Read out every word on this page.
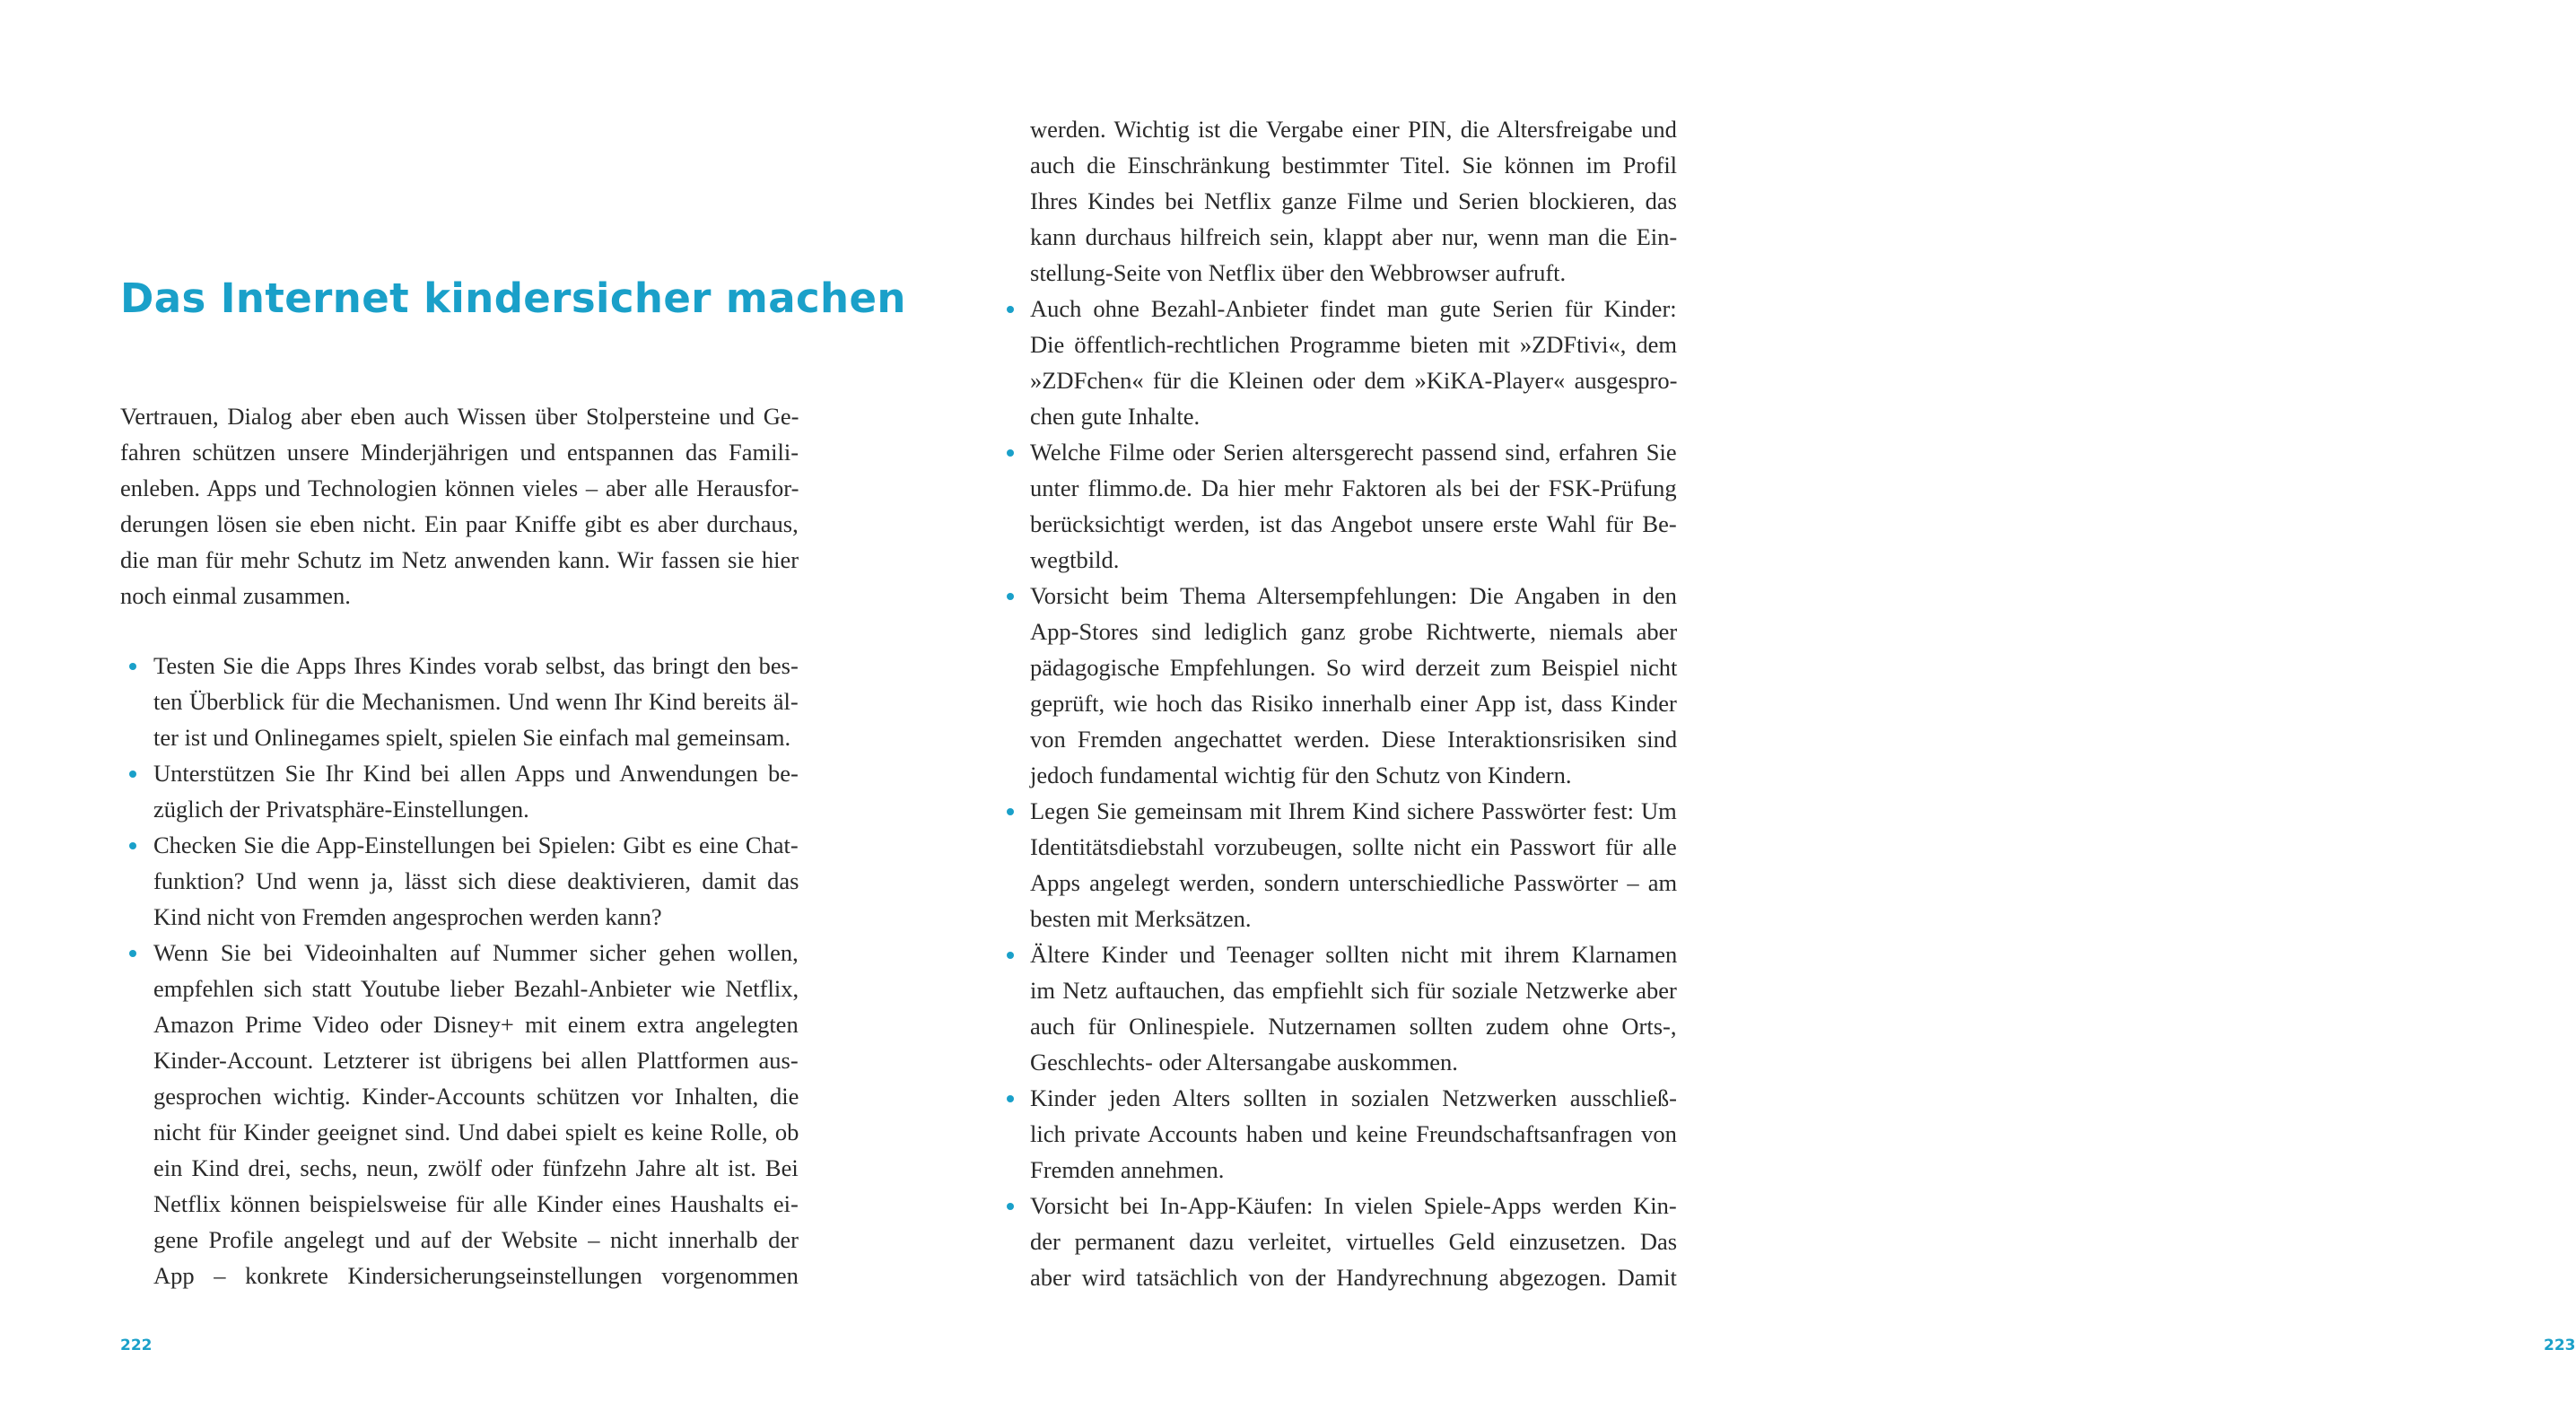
Das Internet kindersicher machen
Vertrauen, Dialog aber eben auch Wissen über Stolpersteine und Ge-
fahren schützen unsere Minderjährigen und entspannen das Famili-
enleben. Apps und Technologien können vieles – aber alle Herausfor-
derungen lösen sie eben nicht. Ein paar Kniffe gibt es aber durchaus,
die man für mehr Schutz im Netz anwenden kann. Wir fassen sie hier
noch einmal zusammen.
Testen Sie die Apps Ihres Kindes vorab selbst, das bringt den bes-
ten Überblick für die Mechanismen. Und wenn Ihr Kind bereits äl-
ter ist und Onlinegames spielt, spielen Sie einfach mal gemeinsam.
Unterstützen Sie Ihr Kind bei allen Apps und Anwendungen be-
züglich der Privatsphäre-Einstellungen.
Checken Sie die App-Einstellungen bei Spielen: Gibt es eine Chat-
funktion? Und wenn ja, lässt sich diese deaktivieren, damit das
Kind nicht von Fremden angesprochen werden kann?
Wenn Sie bei Videoinhalten auf Nummer sicher gehen wollen,
empfehlen sich statt Youtube lieber Bezahl-Anbieter wie Netflix,
Amazon Prime Video oder Disney+ mit einem extra angelegten
Kinder-Account. Letzterer ist übrigens bei allen Plattformen aus-
gesprochen wichtig. Kinder-Accounts schützen vor Inhalten, die
nicht für Kinder geeignet sind. Und dabei spielt es keine Rolle, ob
ein Kind drei, sechs, neun, zwölf oder fünfzehn Jahre alt ist. Bei
Netflix können beispielsweise für alle Kinder eines Haushalts ei-
gene Profile angelegt und auf der Website – nicht innerhalb der
App – konkrete Kindersicherungseinstellungen vorgenommen
222
werden. Wichtig ist die Vergabe einer PIN, die Altersfreigabe und
auch die Einschränkung bestimmter Titel. Sie können im Profil
Ihres Kindes bei Netflix ganze Filme und Serien blockieren, das
kann durchaus hilfreich sein, klappt aber nur, wenn man die Ein-
stellung-Seite von Netflix über den Webbrowser aufruft.
Auch ohne Bezahl-Anbieter findet man gute Serien für Kinder:
Die öffentlich-rechtlichen Programme bieten mit »ZDFtivi«, dem
»ZDFchen« für die Kleinen oder dem »KiKA-Player« ausgespro-
chen gute Inhalte.
Welche Filme oder Serien altersgerecht passend sind, erfahren Sie
unter flimmo.de. Da hier mehr Faktoren als bei der FSK-Prüfung
berücksichtigt werden, ist das Angebot unsere erste Wahl für Be-
wegtbild.
Vorsicht beim Thema Altersempfehlungen: Die Angaben in den
App-Stores sind lediglich ganz grobe Richtwerte, niemals aber
pädagogische Empfehlungen. So wird derzeit zum Beispiel nicht
geprüft, wie hoch das Risiko innerhalb einer App ist, dass Kinder
von Fremden angechattet werden. Diese Interaktionsrisiken sind
jedoch fundamental wichtig für den Schutz von Kindern.
Legen Sie gemeinsam mit Ihrem Kind sichere Passwörter fest: Um
Identitätsdiebstahl vorzubeugen, sollte nicht ein Passwort für alle
Apps angelegt werden, sondern unterschiedliche Passwörter – am
besten mit Merksätzen.
Ältere Kinder und Teenager sollten nicht mit ihrem Klarnamen
im Netz auftauchen, das empfiehlt sich für soziale Netzwerke aber
auch für Onlinespiele. Nutzernamen sollten zudem ohne Orts-,
Geschlechts- oder Altersangabe auskommen.
Kinder jeden Alters sollten in sozialen Netzwerken ausschließ-
lich private Accounts haben und keine Freundschaftsanfragen von
Fremden annehmen.
Vorsicht bei In-App-Käufen: In vielen Spiele-Apps werden Kin-
der permanent dazu verleitet, virtuelles Geld einzusetzen. Das
aber wird tatsächlich von der Handyrechnung abgezogen. Damit
223
